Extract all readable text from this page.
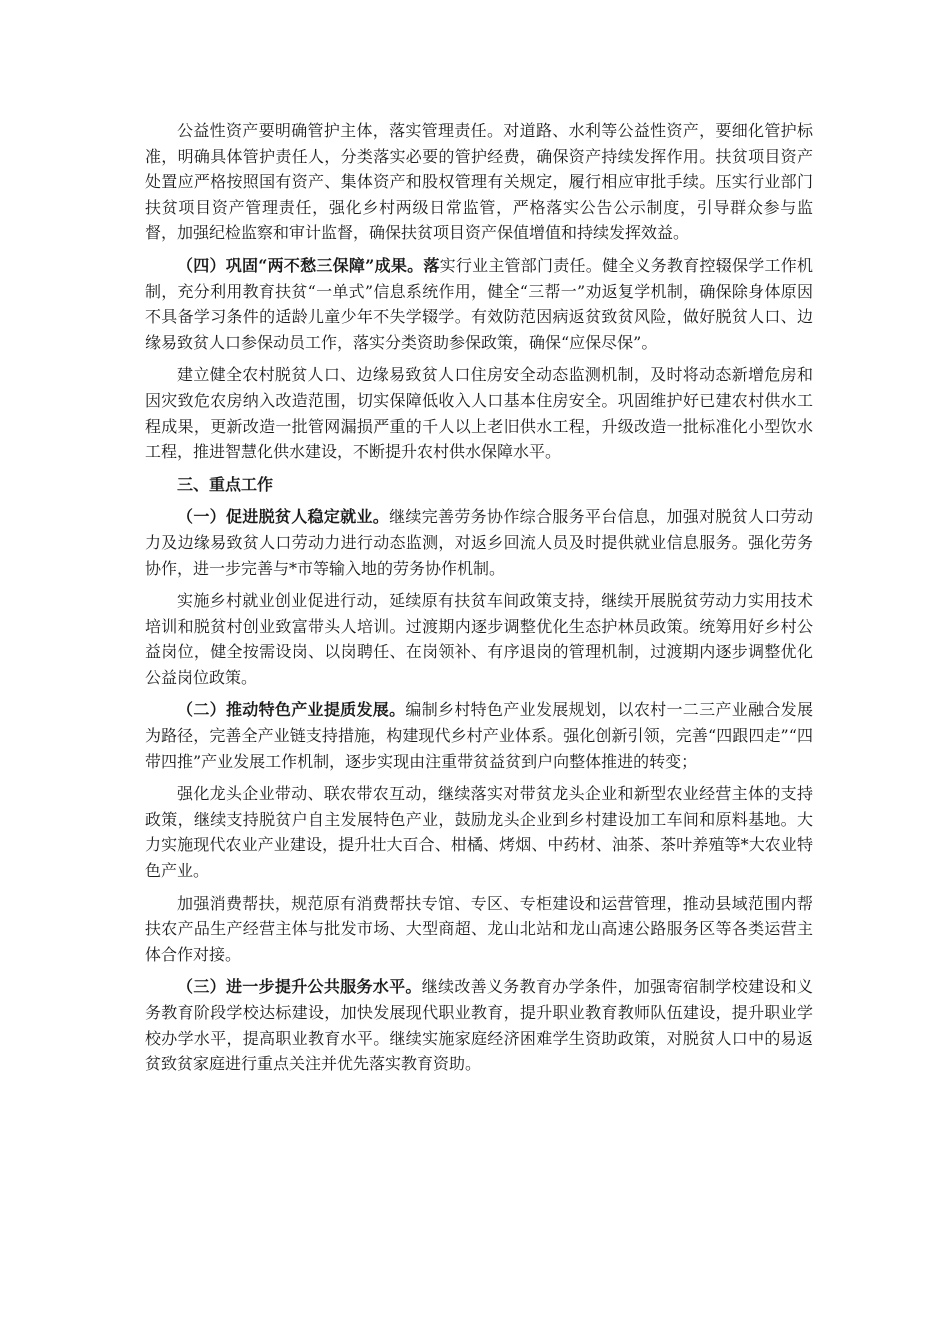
公益性资产要明确管护主体，落实管理责任。对道路、水利等公益性资产，要细化管护标准，明确具体管护责任人，分类落实必要的管护经费，确保资产持续发挥作用。扶贫项目资产处置应严格按照国有资产、集体资产和股权管理有关规定，履行相应审批手续。压实行业部门扶贫项目资产管理责任，强化乡村两级日常监管，严格落实公告公示制度，引导群众参与监督，加强纪检监察和审计监督，确保扶贫项目资产保值增值和持续发挥效益。

（四）巩固“两不愁三保障”成果。落实行业主管部门责任。健全义务教育控辍保学工作机制，充分利用教育扶贫“一单式”信息系统作用，健全“三帮一”劝返复学机制，确保除身体原因不具备学习条件的适龄儿童少年不失学辍学。有效防范因病返贫致贫风险，做好脱贫人口、边缘易致贫人口参保动员工作，落实分类资助参保政策，确保“应保尽保”。

建立健全农村脱贫人口、边缘易致贫人口住房安全动态监测机制，及时将动态新增危房和因灾致危农房纳入改造范围，切实保障低收入人口基本住房安全。巩固维护好已建农村供水工程成果，更新改造一批管网漏损严重的千人以上老旧供水工程，升级改造一批标准化小型饮水工程，推进智慧化供水建设，不断提升农村供水保障水平。

三、重点工作

（一）促进脱贫人稳定就业。继续完善劳务协作综合服务平台信息，加强对脱贫人口劳动力及边缘易致贫人口劳动力进行动态监测，对返乡回流人员及时提供就业信息服务。强化劳务协作，进一步完善与*市等输入地的劳务协作机制。

实施乡村就业创业促进行动，延续原有扶贫车间政策支持，继续开展脱贫劳动力实用技术培训和脱贫村创业致富带头人培训。过渡期内逐步调整优化生态护林员政策。统筹用好乡村公益岗位，健全按需设岗、以岗聘任、在岗领补、有序退岗的管理机制，过渡期内逐步调整优化公益岗位政策。

（二）推动特色产业提质发展。编制乡村特色产业发展规划，以农村一二三产业融合发展为路径，完善全产业链支持措施，构建现代乡村产业体系。强化创新引领，完善“四跟四走”“四带四推”产业发展工作机制，逐步实现由注重带贫益贫到户向整体推进的转变；

强化龙头企业带动、联农带农互动，继续落实对带贫龙头企业和新型农业经营主体的支持政策，继续支持脱贫户自主发展特色产业，鼓励龙头企业到乡村建设加工车间和原料基地。大力实施现代农业产业建设，提升壮大百合、柑橘、烤烟、中药材、油茶、茶叶养殖等*大农业特色产业。

加强消费帮扶，规范原有消费帮扶专馆、专区、专柜建设和运营管理，推动县域范围内帮扶农产品生产经营主体与批发市场、大型商超、龙山北站和龙山高速公路服务区等各类运营主体合作对接。

（三）进一步提升公共服务水平。继续改善义务教育办学条件，加强寄宿制学校建设和义务教育阶段学校达标建设，加快发展现代职业教育，提升职业教育教师队伍建设，提升职业学校办学水平，提高职业教育水平。继续实施家庭经济困难学生资助政策，对脱贫人口中的易返贫致贫家庭进行重点关注并优先落实教育资助。
